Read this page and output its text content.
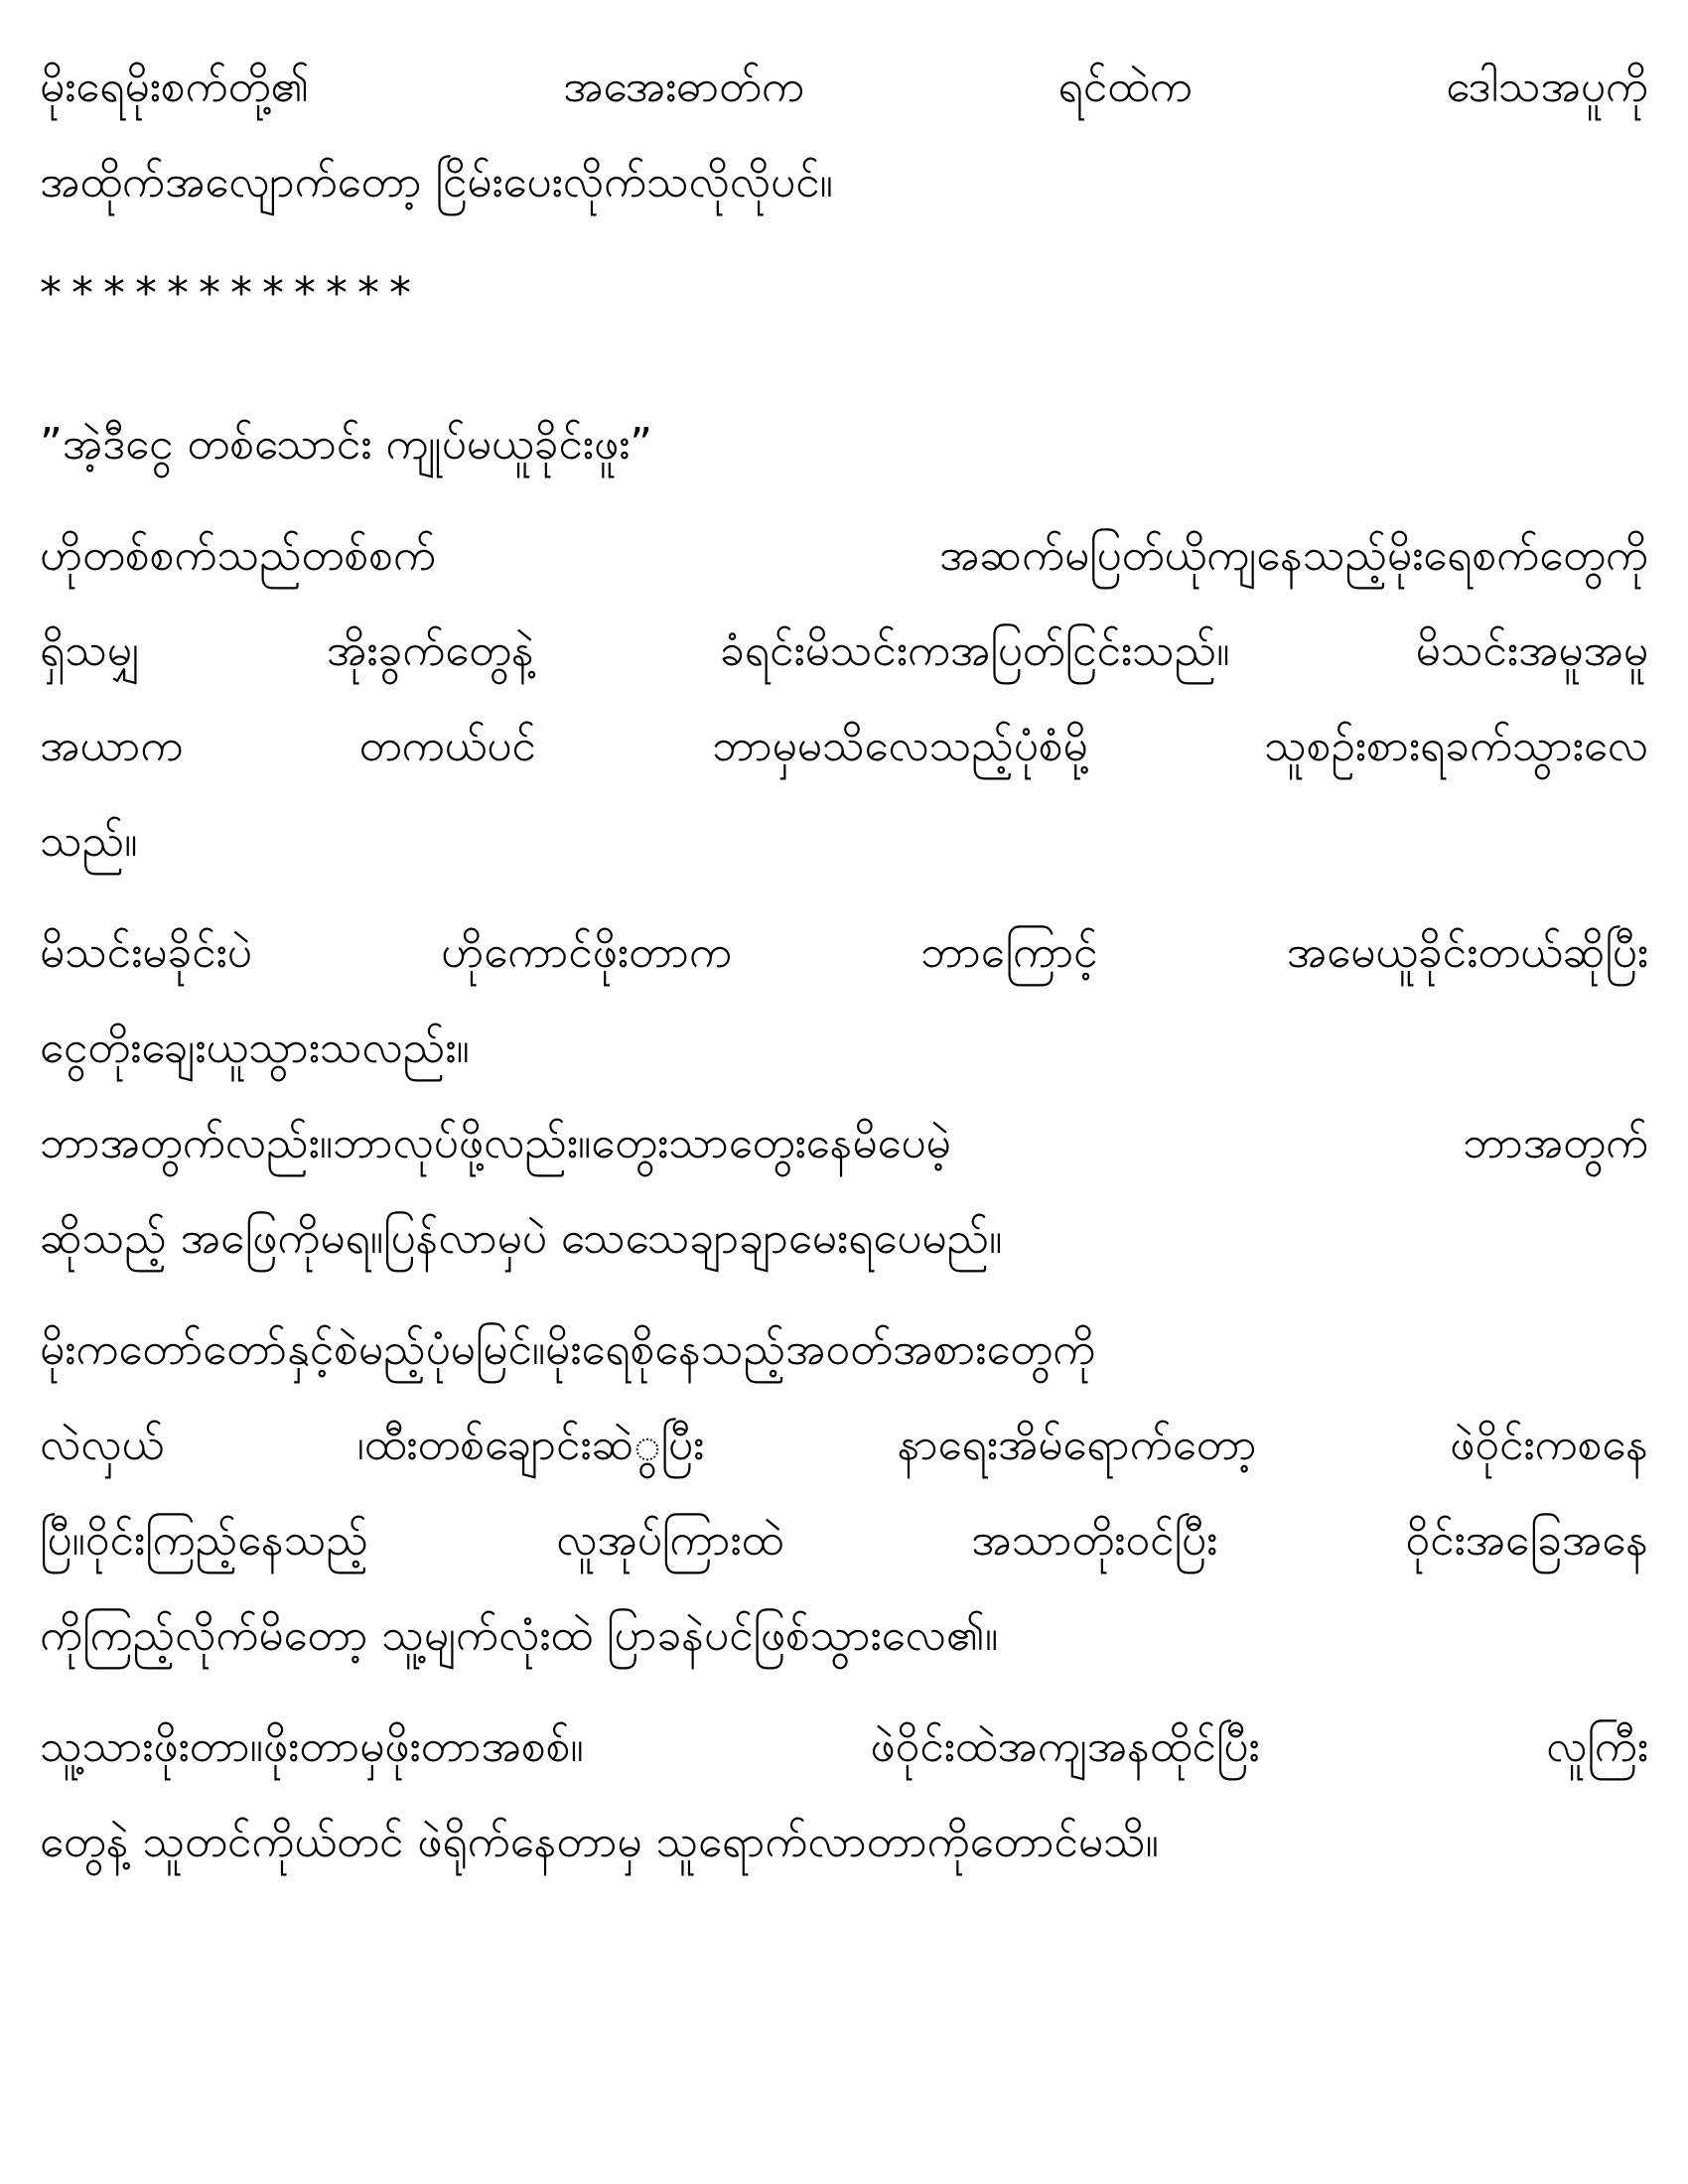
မိုးရေမိုးစက်တို့၏ အအေးဓာတ်က ရင်ထဲက ဒေါသအပူကို
အထိုက်အလျောက်တော့ ငြိမ်းပေးလိုက်သလိုလိုပင်။
************
”အဲ့ဒီငွေ တစ်သောင်း ကျုပ်မယူခိုင်းဖူး”
ဟိုတစ်စက်သည်တစ်စက် အဆက်မပြတ်ယိုကျနေသည့်မိုးရေစက်တွေကို
ရှိသမျှ အိုးခွက်တွေနဲ့ ခံရင်းမိသင်းကအပြတ်ငြင်းသည်။ မိသင်းအမူအမူ
အယာက တကယ်ပင် ဘာမှမသိလေသည့်ပုံစံမို့ သူစဉ်းစားရခက်သွားလေ
သည်။
မိသင်းမခိုင်းပဲ ဟိုကောင်ဖိုးတာက ဘာကြောင့် အမေယူခိုင်းတယ်ဆိုပြီး
ငွေတိုးချေးယူသွားသလည်း။
ဘာအတွက်လည်း။ဘာလုပ်ဖို့လည်း။တွေးသာတွေးနေမိပေမဲ့ ဘာအတွက်
ဆိုသည့် အဖြေကိုမရ။ပြန်လာမှပဲ သေသေချာချာမေးရပေမည်။
မိုးကတော်တော်နှင့်စဲမည့်ပုံမမြင်။မိုးရေစိုနေသည့်အဝတ်အစားတွေကို
လဲလှယ် ၊ထီးတစ်ချောင်းဆဲွပြီး နာရေးအိမ်ရောက်တော့ ဖဲဝိုင်းကစနေ
ပြီ။ဝိုင်းကြည့်နေသည့် လူအုပ်ကြားထဲ အသာတိုးဝင်ပြီး ဝိုင်းအခြေအနေ
ကိုကြည့်လိုက်မိတော့ သူ့မျက်လုံးထဲ ပြာခနဲပင်ဖြစ်သွားလေ၏။
သူ့သားဖိုးတာ။ဖိုးတာမှဖိုးတာအစစ်။ ဖဲဝိုင်းထဲအကျအနထိုင်ပြီး လူကြီး
တွေနဲ့ သူတင်ကိုယ်တင် ဖဲရိုက်နေတာမှ သူရောက်လာတာကိုတောင်မသိ။
